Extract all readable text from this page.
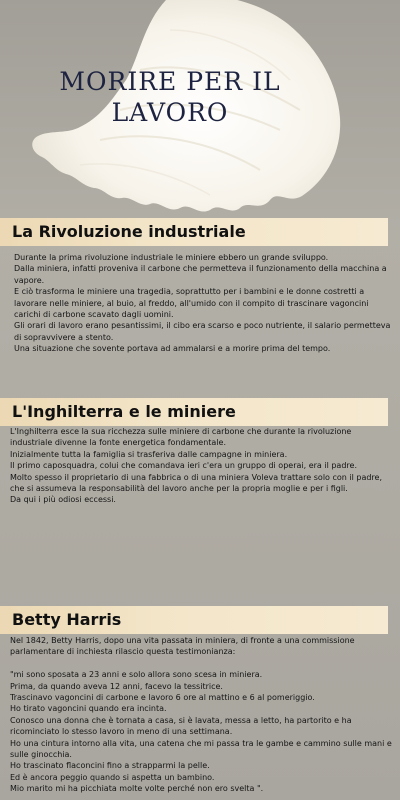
MORIRE PER IL LAVORO
La Rivoluzione industriale

Durante la prima rivoluzione industriale le miniere ebbero un grande sviluppo.

Dalla miniera, infatti proveniva il carbone che permetteva il funzionamento della macchina a vapore.

E ciò trasforma le miniere una tragedia, soprattutto per i bambini e le donne costretti a lavorare nelle miniere, al buio, al freddo, all'umido con il compito di trascinare vagoncini carichi di carbone scavato dagli uomini.

Gli orari di lavoro erano pesantissimi, il cibo era scarso e poco nutriente, il salario permetteva di sopravvivere a stento.

Una situazione che sovente portava ad ammalarsi e a morire prima del tempo.

L'Inghilterra e le miniere

L'Inghilterra esce la sua ricchezza sulle miniere di carbone che durante la rivoluzione industriale divenne la fonte energetica fondamentale.

Inizialmente tutta la famiglia si trasferiva dalle campagne in miniera.

Il primo caposquadra, colui che comandava ieri c'era un gruppo di operai, era il padre.

Molto spesso il proprietario di una fabbrica o di una miniera Voleva trattare solo con il padre, che si assumeva la responsabilità del lavoro anche per la propria moglie e per i figli.

Da qui i più odiosi eccessi.

Betty Harris

Nel 1842, Betty Harris, dopo una vita passata in miniera, di fronte a una commissione parlamentare di inchiesta rilascio questa testimonianza:

"mi sono sposata a 23 anni e solo allora sono scesa in miniera.

Prima, da quando aveva 12 anni, facevo la tessitrice.

Trascinavo vagoncini di carbone e lavoro 6 ore al mattino e 6 al pomeriggio.

Ho tirato vagoncini quando era incinta.

Conosco una donna che è tornata a casa, si è lavata, messa a letto, ha partorito e ha ricominciato lo stesso lavoro in meno di una settimana.

Ho una cintura intorno alla vita, una catena che mi passa tra le gambe e cammino sulle mani e sulle ginocchia.

Ho trascinato flaconcini fino a strapparmi la pelle.

Ed è ancora peggio quando si aspetta un bambino.

Mio marito mi ha picchiata molte volte perché non ero svelta ".
